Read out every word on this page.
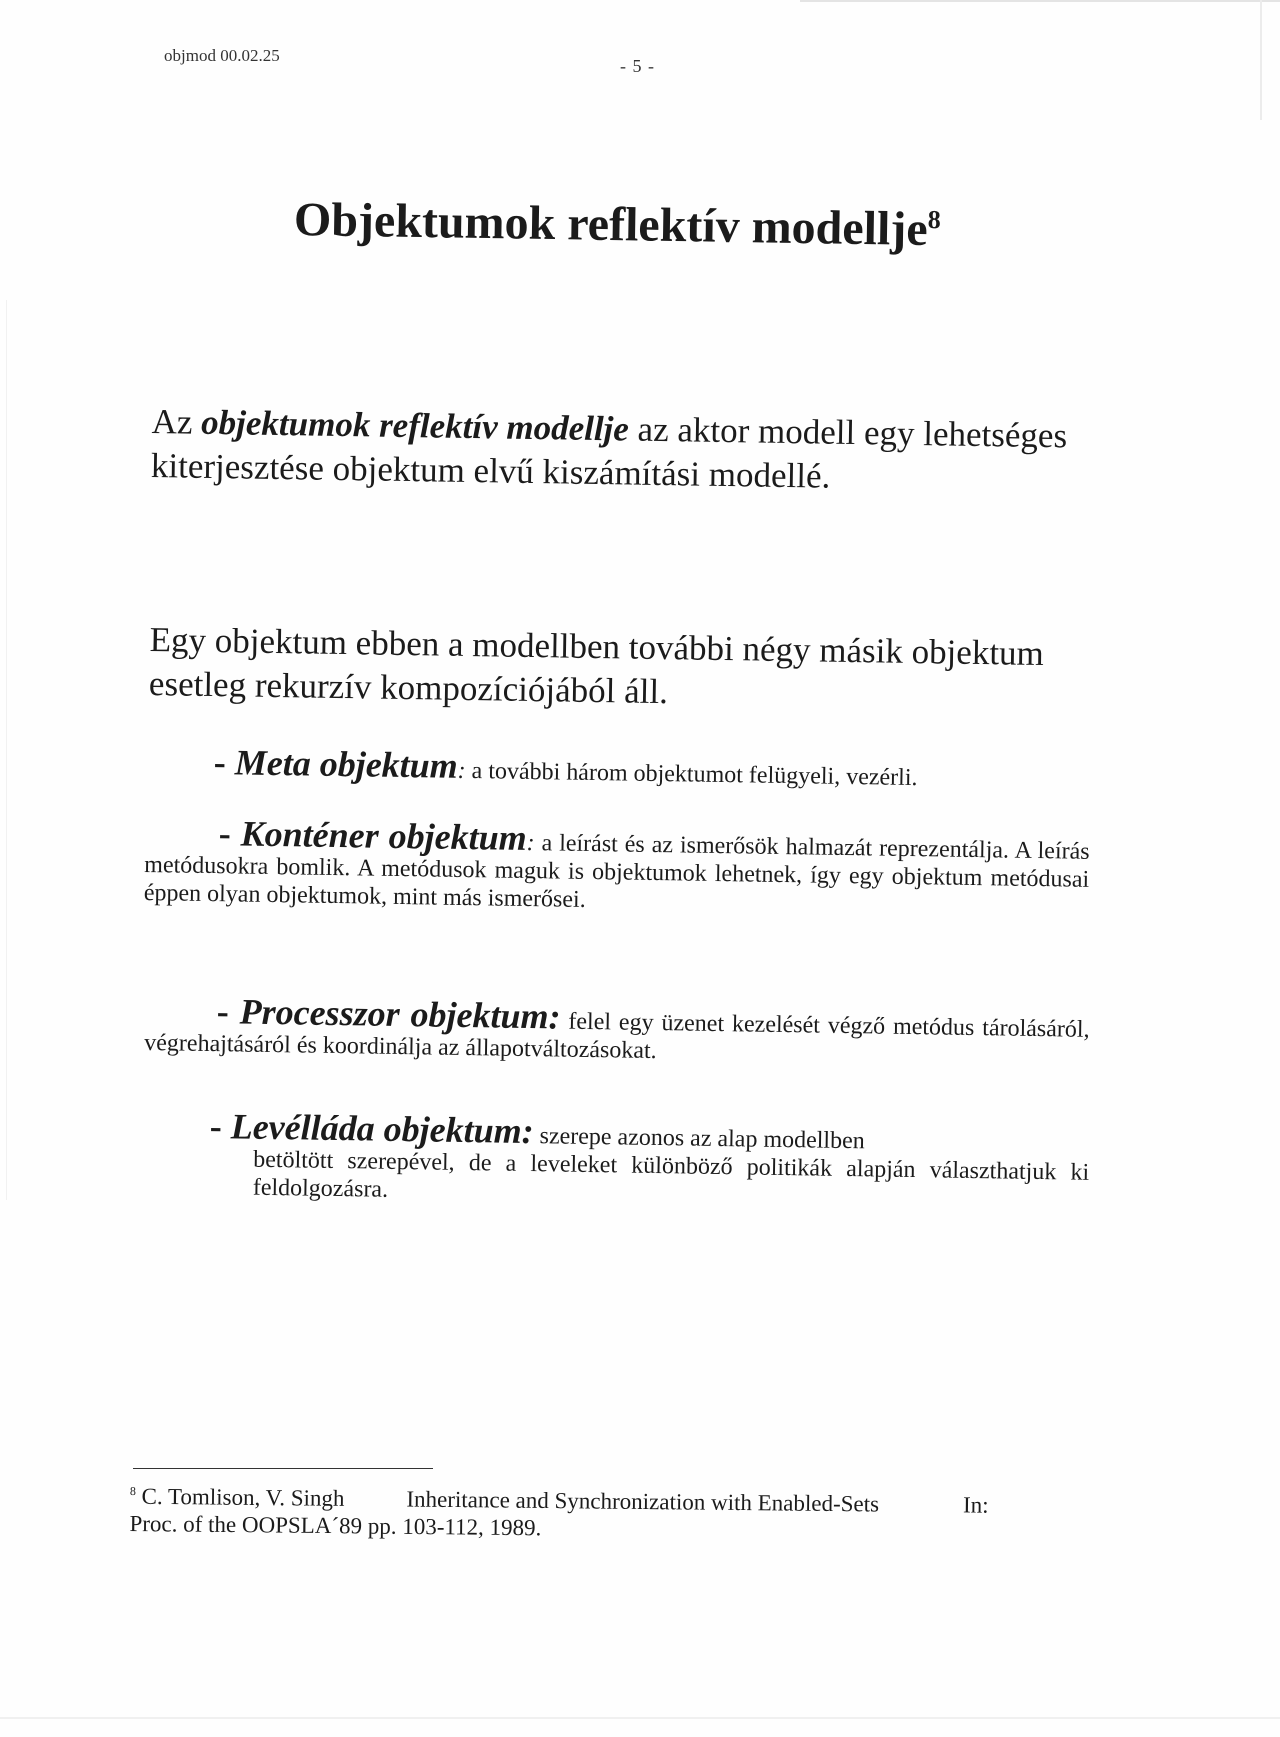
objmod 00.02.25
- 5 -
Objektumok reflektív modellje$^8$

Az objektumok reflektív modellje az aktor modell egy lehetséges kiterjesztése objektum elvű kiszámítási modellé.

Egy objektum ebben a modellben további négy másik objektum esetleg rekurzív kompozíciójából áll.

- Meta objektum: a további három objektumot felügyeli, vezérli.

- Konténer objektum: a leírást és az ismerősök halmazát reprezentálja. A leírás metódusokra bomlik. A metódusok maguk is objektumok lehetnek, így egy objektum metódusai éppen olyan objektumok, mint más ismerősei.

- Processzor objektum: felel egy üzenet kezelését végző metódus tárolásáról, végrehajtásáról és koordinálja az állapotváltozásokat.

- Levélláda objektum: szerepe azonos az alap modellben
betöltött szerepével, de a leveleket különböző politikák alapján választhatjuk ki feldolgozásra.

$^8$ C. Tomlison, V. Singh	Inheritance and Synchronization with Enabled-Sets	In:
Proc. of the OOPSLA´89 pp. 103-112, 1989.
